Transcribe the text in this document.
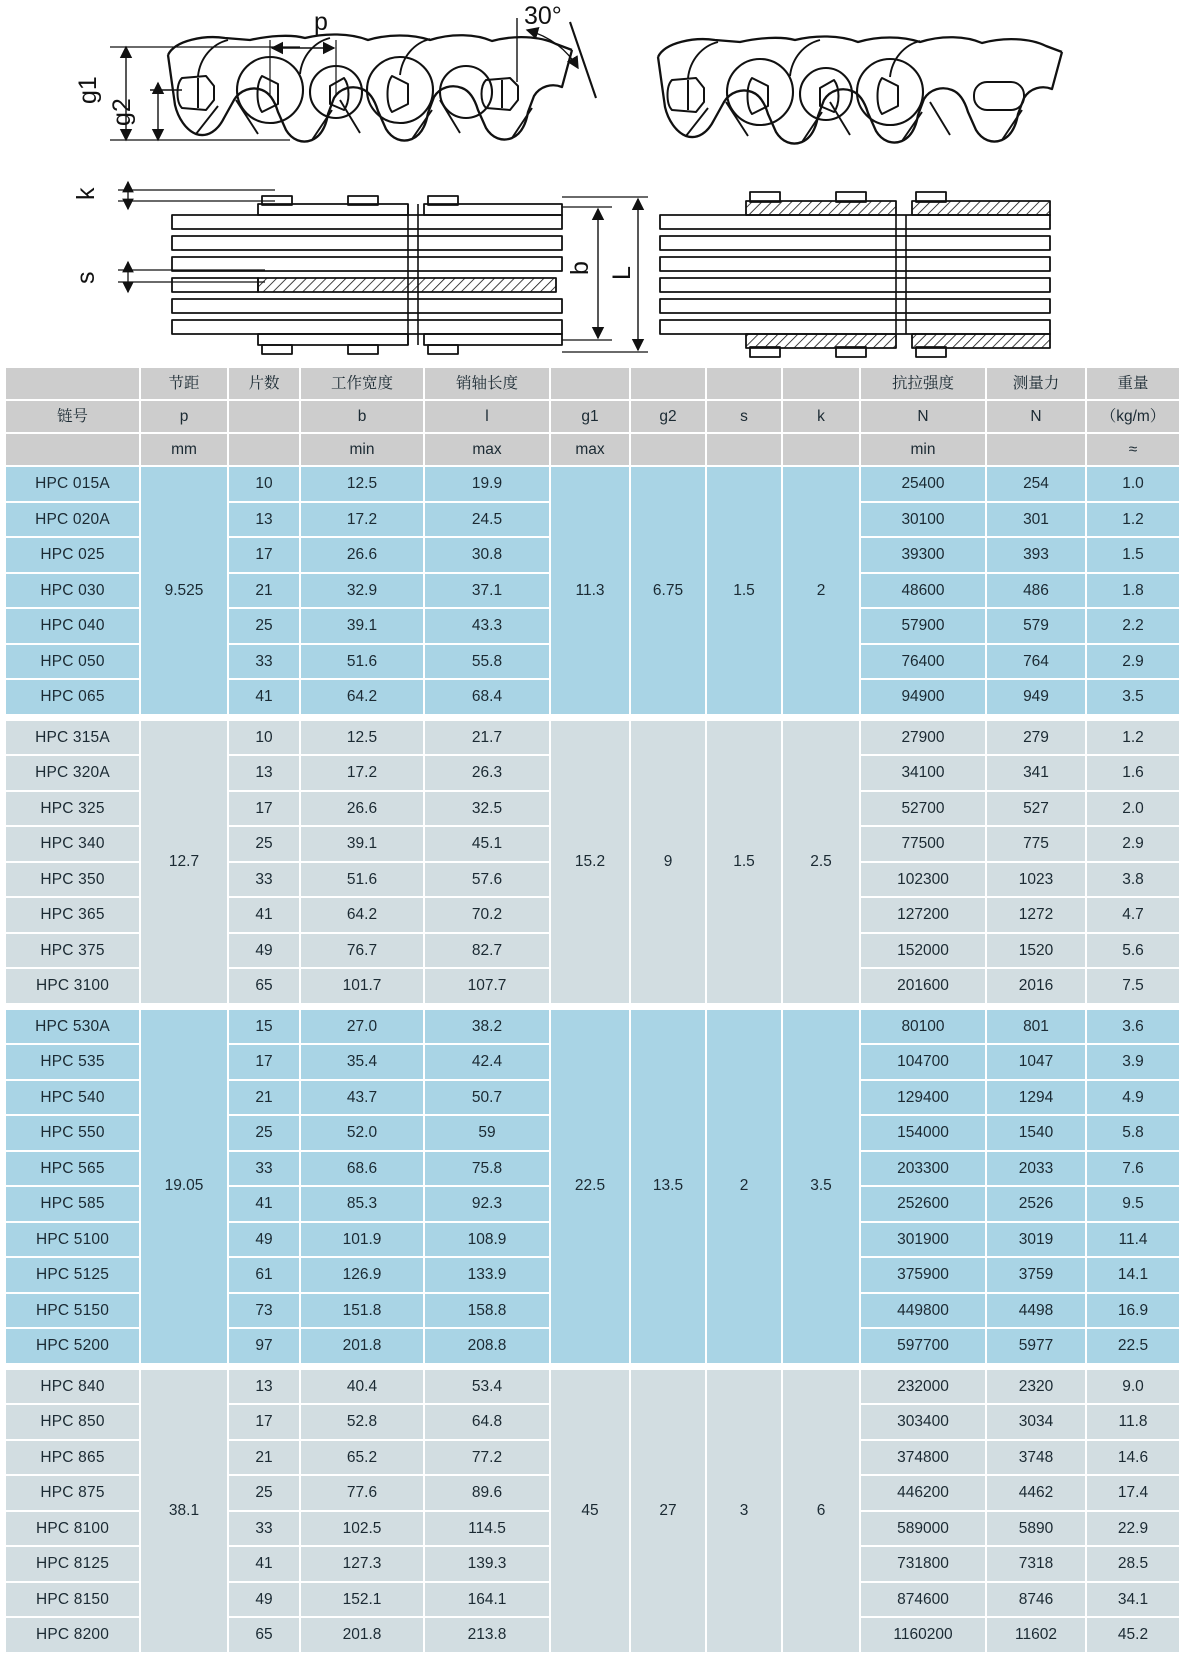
p	30°
g1
g2
k
s
b L
	节距	片数	工作宽度	销轴长度					抗拉强度	测量力	重量
链号	p		b	l	g1	g2	s	k	N	N	（kg/m）
	mm		min	max	max				min		≈
HPC 015A	9.525	10	12.5	19.9	11.3	6.75	1.5	2	25400	254	1.0
HPC 020A		13	17.2	24.5					30100	301	1.2
HPC 025		17	26.6	30.8					39300	393	1.5
HPC 030		21	32.9	37.1					48600	486	1.8
HPC 040		25	39.1	43.3					57900	579	2.2
HPC 050		33	51.6	55.8					76400	764	2.9
HPC 065		41	64.2	68.4					94900	949	3.5

HPC 315A	12.7	10	12.5	21.7	15.2	9	1.5	2.5	27900	279	1.2
HPC 320A		13	17.2	26.3					34100	341	1.6
HPC 325		17	26.6	32.5					52700	527	2.0
HPC 340		25	39.1	45.1					77500	775	2.9
HPC 350		33	51.6	57.6					102300	1023	3.8
HPC 365		41	64.2	70.2					127200	1272	4.7
HPC 375		49	76.7	82.7					152000	1520	5.6
HPC 3100		65	101.7	107.7					201600	2016	7.5

HPC 530A	19.05	15	27.0	38.2	22.5	13.5	2	3.5	80100	801	3.6
HPC 535		17	35.4	42.4					104700	1047	3.9
HPC 540		21	43.7	50.7					129400	1294	4.9
HPC 550		25	52.0	59					154000	1540	5.8
HPC 565		33	68.6	75.8					203300	2033	7.6
HPC 585		41	85.3	92.3					252600	2526	9.5
HPC 5100		49	101.9	108.9					301900	3019	11.4
HPC 5125		61	126.9	133.9					375900	3759	14.1
HPC 5150		73	151.8	158.8					449800	4498	16.9
HPC 5200		97	201.8	208.8					597700	5977	22.5

HPC 840	38.1	13	40.4	53.4	45	27	3	6	232000	2320	9.0
HPC 850		17	52.8	64.8					303400	3034	11.8
HPC 865		21	65.2	77.2					374800	3748	14.6
HPC 875		25	77.6	89.6					446200	4462	17.4
HPC 8100		33	102.5	114.5					589000	5890	22.9
HPC 8125		41	127.3	139.3					731800	7318	28.5
HPC 8150		49	152.1	164.1					874600	8746	34.1
HPC 8200		65	201.8	213.8					1160200	11602	45.2
